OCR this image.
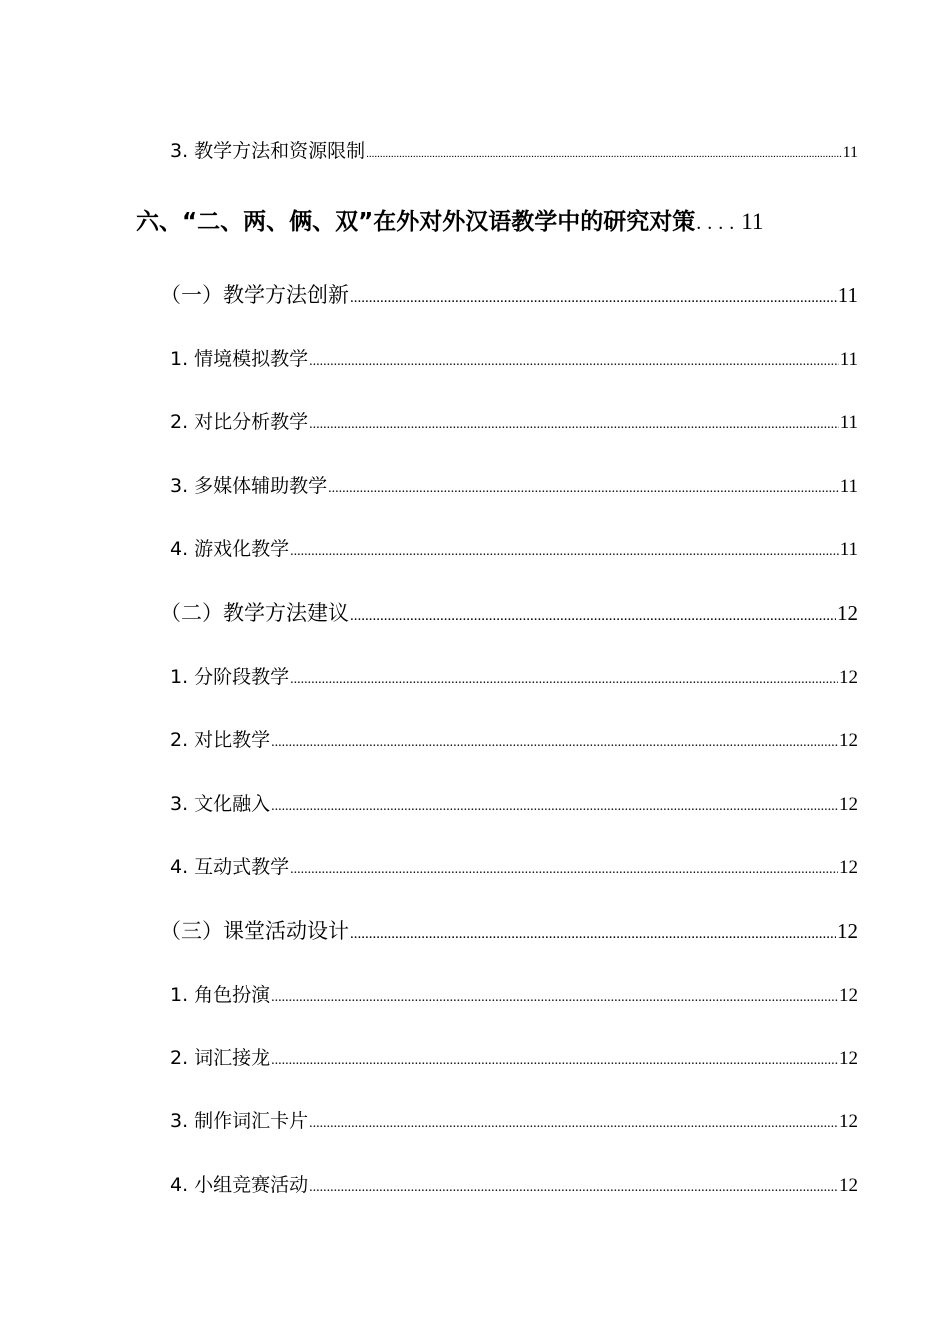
3. 教学方法和资源限制 .....	11
六、“二、两、俩、双”在外对外汉语教学中的研究对策 .... 11
（一）教学方法创新 .....	11
1. 情境模拟教学 .....	11
2. 对比分析教学 .....	11
3. 多媒体辅助教学 .....	11
4. 游戏化教学 .....	11
（二）教学方法建议 .....	12
1. 分阶段教学 .....	12
2. 对比教学 .....	12
3. 文化融入 .....	12
4. 互动式教学 .....	12
（三）课堂活动设计 .....	12
1. 角色扮演 .....	12
2. 词汇接龙 .....	12
3. 制作词汇卡片 .....	12
4. 小组竞赛活动 .....	12
